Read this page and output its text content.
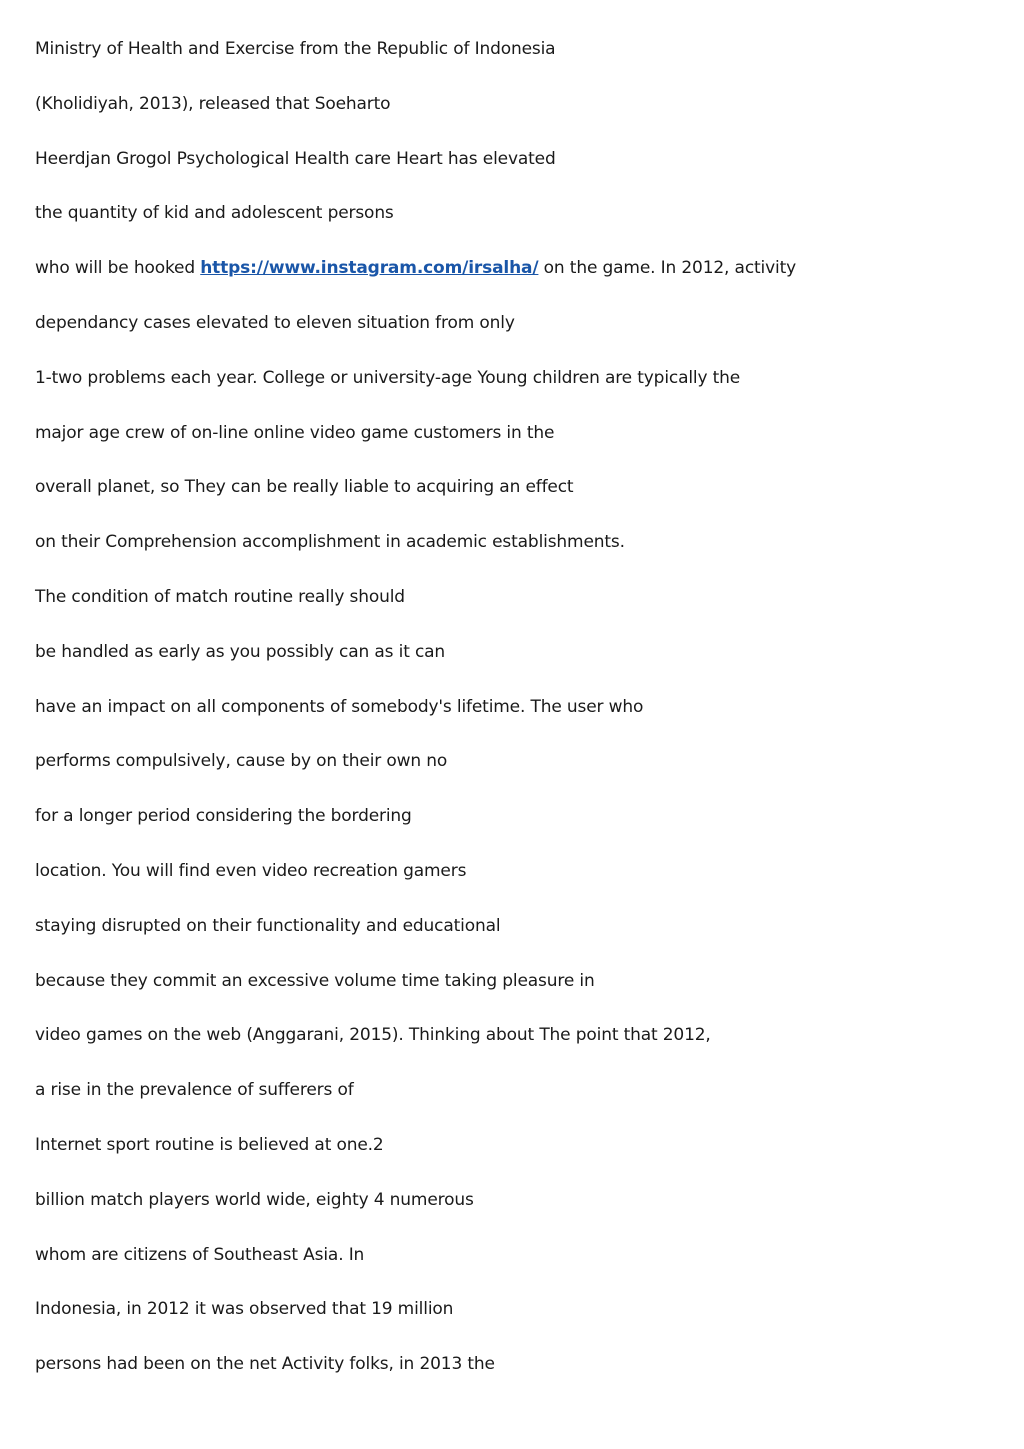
Ministry of Health and Exercise from the Republic of Indonesia

(Kholidiyah, 2013), released that Soeharto

Heerdjan Grogol Psychological Health care Heart has elevated

the quantity of kid and adolescent persons

who will be hooked https://www.instagram.com/irsalha/ on the game. In 2012, activity

dependancy cases elevated to eleven situation from only

1-two problems each year. College or university-age Young children are typically the

major age crew of on-line online video game customers in the

overall planet, so They can be really liable to acquiring an effect

on their Comprehension accomplishment in academic establishments.

The condition of match routine really should

be handled as early as you possibly can as it can

have an impact on all components of somebody's lifetime. The user who

performs compulsively, cause by on their own no

for a longer period considering the bordering

location. You will find even video recreation gamers

staying disrupted on their functionality and educational

because they commit an excessive volume time taking pleasure in

video games on the web (Anggarani, 2015). Thinking about The point that 2012,

a rise in the prevalence of sufferers of

Internet sport routine is believed at one.2

billion match players world wide, eighty 4 numerous

whom are citizens of Southeast Asia. In

Indonesia, in 2012 it was observed that 19 million

persons had been on the net Activity folks, in 2013 the
